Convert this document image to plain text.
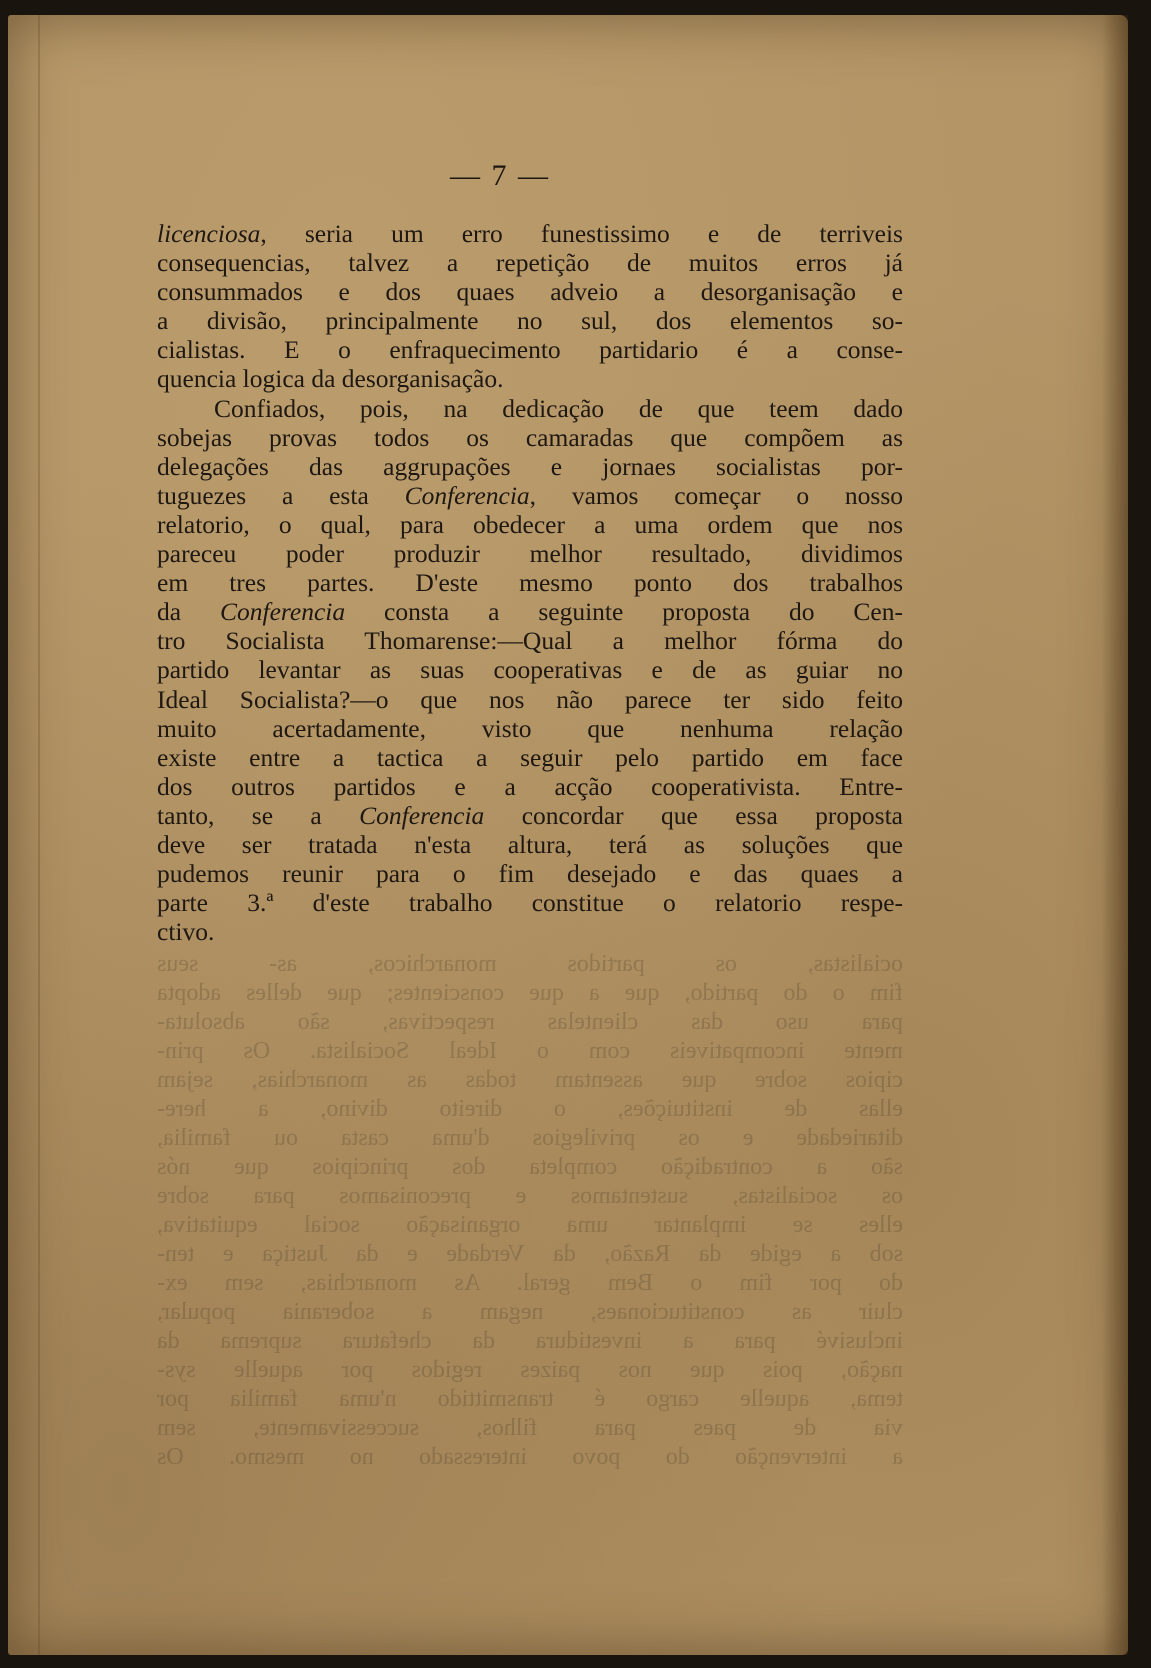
— 7 —
ocialistas, os partidos monarchicos, as- seus
fim o do partido, que a que conscientes; que delles adopta
para uso das clientelas respectivas, são absoluta-
mente incompativeis com o Ideal Socialista. Os prin-
cipios sobre que assentam todas as monarchias, sejam
ellas de instituições, o direito divino, a here-
ditariedade e os privilegios d'uma casta ou familia,
são a contradição completa dos principios que nós
os socialistas, sustentamos e preconisamos para sobre
elles se implantar uma organisação social equitativa,
sob a egide da Razão, da Verdade e da Justiça e ten-
do por fim o Bem geral. As monarchias, sem ex-
cluir as constitucionaes, negam a soberania popular,
inclusivé para a investidura da chefatura suprema da
nação, pois que nos paizes regidos por aquelle sys-
tema, aquelle cargo é transmittido n'uma familia por
via de paes para filhos, successivamente, sem
a intervenção do povo interessado no mesmo. Os
licenciosa, seria um erro funestissimo e de terriveis
consequencias, talvez a repetição de muitos erros já
consummados e dos quaes adveio a desorganisação e
a divisão, principalmente no sul, dos elementos so-
cialistas. E o enfraquecimento partidario é a conse-
quencia logica da desorganisação.
Confiados, pois, na dedicação de que teem dado
sobejas provas todos os camaradas que compõem as
delegações das aggrupações e jornaes socialistas por-
tuguezes a esta Conferencia, vamos começar o nosso
relatorio, o qual, para obedecer a uma ordem que nos
pareceu poder produzir melhor resultado, dividimos
em tres partes. D'este mesmo ponto dos trabalhos
da Conferencia consta a seguinte proposta do Cen-
tro Socialista Thomarense:—Qual a melhor fórma do
partido levantar as suas cooperativas e de as guiar no
Ideal Socialista?—o que nos não parece ter sido feito
muito acertadamente, visto que nenhuma relação
existe entre a tactica a seguir pelo partido em face
dos outros partidos e a acção cooperativista. Entre-
tanto, se a Conferencia concordar que essa proposta
deve ser tratada n'esta altura, terá as soluções que
pudemos reunir para o fim desejado e das quaes a
parte 3.ª d'este trabalho constitue o relatorio respe-
ctivo.
